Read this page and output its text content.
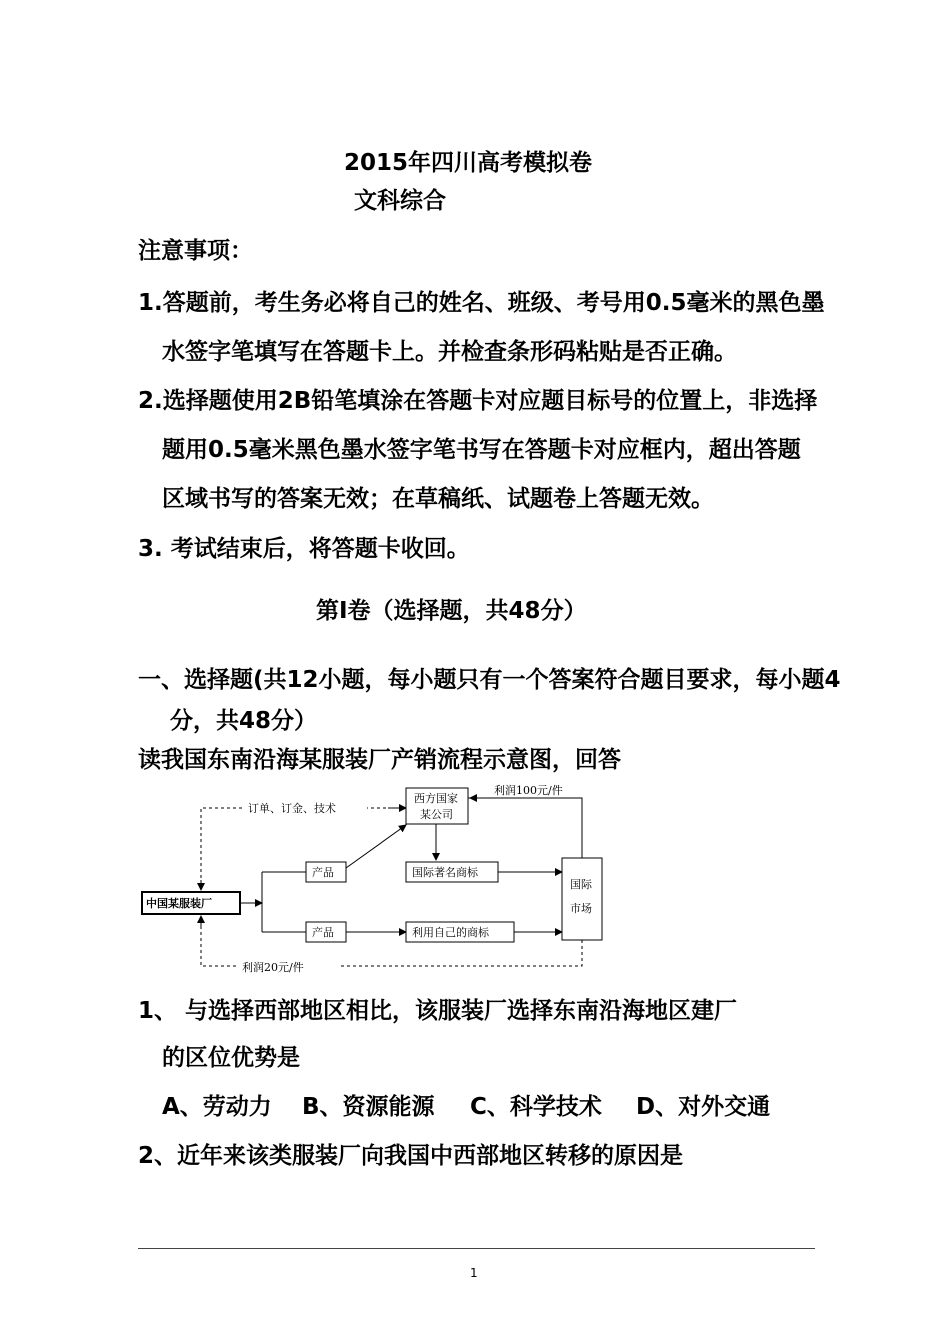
2015年四川高考模拟卷
文科综合
注意事项：
1.答题前，考生务必将自己的姓名、班级、考号用0.5毫米的黑色墨
水签字笔填写在答题卡上。并检查条形码粘贴是否正确。
2.选择题使用2B铅笔填涂在答题卡对应题目标号的位置上，非选择
题用0.5毫米黑色墨水签字笔书写在答题卡对应框内，超出答题
区域书写的答案无效；在草稿纸、试题卷上答题无效。
3. 考试结束后，将答题卡收回。
第Ⅰ卷（选择题，共48分）
一、选择题(共12小题，每小题只有一个答案符合题目要求，每小题4
分，共48分）
读我国东南沿海某服装厂产销流程示意图，回答
订单、订金、技术
中国某服装厂
产品
产品
西方国家
某公司
国际著名商标
利用自己的商标
国际
市场
利润100元/件
利润20元/件
1、 与选择西部地区相比，该服装厂选择东南沿海地区建厂
的区位优势是
A、劳动力 B、资源能源 C、科学技术 D、对外交通
2、近年来该类服装厂向我国中西部地区转移的原因是
1
